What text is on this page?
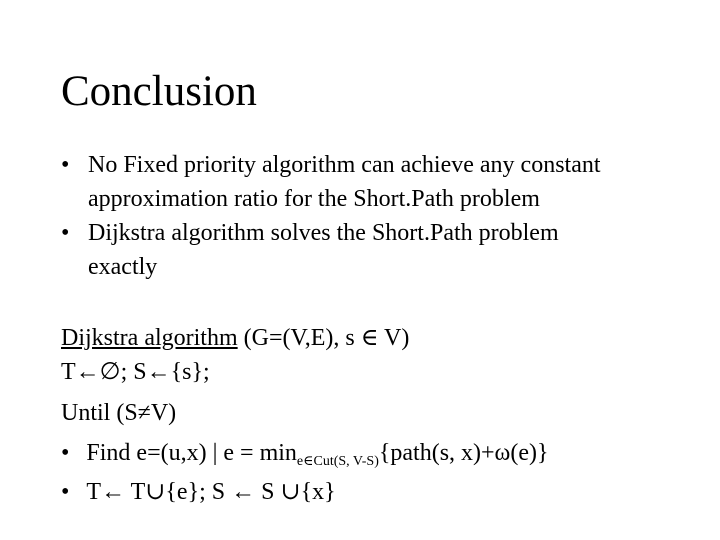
Conclusion
• No Fixed priority algorithm can achieve any constant
approximation ratio for the Short.Path problem
• Dijkstra algorithm solves the Short.Path problem
exactly
Dijkstra algorithm (G=(V,E), s ∈ V)
T←∅; S←{s};
Until (S≠V)
• Find e=(u,x) | $e = \min_{e\in Cut(S, V-S)}\{path(s$, x)+ω(e)}
• T← T∪{e}; S ← S ∪{x}
